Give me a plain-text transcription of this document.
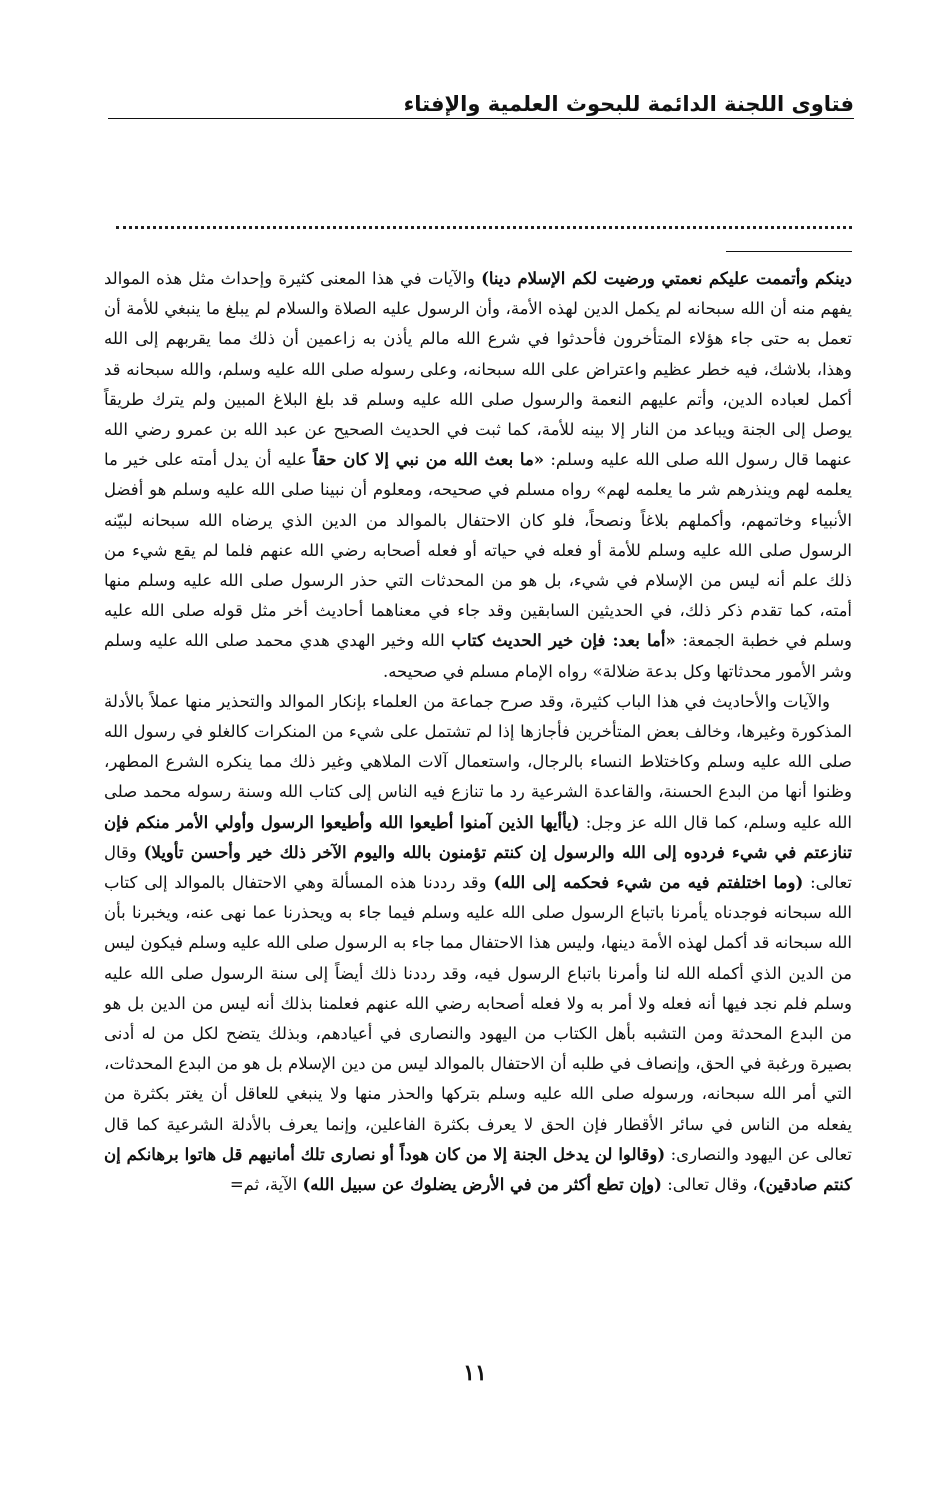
فتاوى اللجنة الدائمة للبحوث العلمية والإفتاء

دينكم وأتممت عليكم نعمتي ورضيت لكم الإسلام دينا) والآيات في هذا المعنى كثيرة وإحداث مثل هذه الموالد يفهم منه أن الله سبحانه لم يكمل الدين لهذه الأمة، وأن الرسول عليه الصلاة والسلام لم يبلغ ما ينبغي للأمة أن تعمل به حتى جاء هؤلاء المتأخرون فأحدثوا في شرع الله مالم يأذن به زاعمين أن ذلك مما يقربهم إلى الله وهذا، بلاشك، فيه خطر عظيم واعتراض على الله سبحانه، وعلى رسوله صلى الله عليه وسلم، والله سبحانه قد أكمل لعباده الدين، وأتم عليهم النعمة والرسول صلى الله عليه وسلم قد بلغ البلاغ المبين ولم يترك طريقاً يوصل إلى الجنة ويباعد من النار إلا بينه للأمة، كما ثبت في الحديث الصحيح عن عبد الله بن عمرو رضي الله عنهما قال رسول الله صلى الله عليه وسلم: «ما بعث الله من نبي إلا كان حقاً عليه أن يدل أمته على خير ما يعلمه لهم وينذرهم شر ما يعلمه لهم» رواه مسلم في صحيحه، ومعلوم أن نبينا صلى الله عليه وسلم هو أفضل الأنبياء وخاتمهم، وأكملهم بلاغاً ونصحاً، فلو كان الاحتفال بالموالد من الدين الذي يرضاه الله سبحانه لبيّنه الرسول صلى الله عليه وسلم للأمة أو فعله في حياته أو فعله أصحابه رضي الله عنهم فلما لم يقع شيء من ذلك علم أنه ليس من الإسلام في شيء، بل هو من المحدثات التي حذر الرسول صلى الله عليه وسلم منها أمته، كما تقدم ذكر ذلك، في الحديثين السابقين وقد جاء في معناهما أحاديث أخر مثل قوله صلى الله عليه وسلم في خطبة الجمعة: «أما بعد: فإن خير الحديث كتاب الله وخير الهدي هدي محمد صلى الله عليه وسلم وشر الأمور محدثاتها وكل بدعة ضلالة» رواه الإمام مسلم في صحيحه.

والآيات والأحاديث في هذا الباب كثيرة، وقد صرح جماعة من العلماء بإنكار الموالد والتحذير منها عملاً بالأدلة المذكورة وغيرها، وخالف بعض المتأخرين فأجازها إذا لم تشتمل على شيء من المنكرات كالغلو في رسول الله صلى الله عليه وسلم وكاختلاط النساء بالرجال، واستعمال آلات الملاهي وغير ذلك مما ينكره الشرع المطهر، وظنوا أنها من البدع الحسنة، والقاعدة الشرعية رد ما تنازع فيه الناس إلى كتاب الله وسنة رسوله محمد صلى الله عليه وسلم، كما قال الله عز وجل: (يأأيها الذين آمنوا أطيعوا الله وأطيعوا الرسول وأولي الأمر منكم فإن تنازعتم في شيء فردوه إلى الله والرسول إن كنتم تؤمنون بالله واليوم الآخر ذلك خير وأحسن تأويلا) وقال تعالى: (وما اختلفتم فيه من شيء فحكمه إلى الله) وقد رددنا هذه المسألة وهي الاحتفال بالموالد إلى كتاب الله سبحانه فوجدناه يأمرنا باتباع الرسول صلى الله عليه وسلم فيما جاء به ويحذرنا عما نهى عنه، ويخبرنا بأن الله سبحانه قد أكمل لهذه الأمة دينها، وليس هذا الاحتفال مما جاء به الرسول صلى الله عليه وسلم فيكون ليس من الدين الذي أكمله الله لنا وأمرنا باتباع الرسول فيه، وقد رددنا ذلك أيضاً إلى سنة الرسول صلى الله عليه وسلم فلم نجد فيها أنه فعله ولا أمر به ولا فعله أصحابه رضي الله عنهم فعلمنا بذلك أنه ليس من الدين بل هو من البدع المحدثة ومن التشبه بأهل الكتاب من اليهود والنصارى في أعيادهم، وبذلك يتضح لكل من له أدنى بصيرة ورغبة في الحق، وإنصاف في طلبه أن الاحتفال بالموالد ليس من دين الإسلام بل هو من البدع المحدثات، التي أمر الله سبحانه، ورسوله صلى الله عليه وسلم بتركها والحذر منها ولا ينبغي للعاقل أن يغتر بكثرة من يفعله من الناس في سائر الأقطار فإن الحق لا يعرف بكثرة الفاعلين، وإنما يعرف بالأدلة الشرعية كما قال تعالى عن اليهود والنصارى: (وقالوا لن يدخل الجنة إلا من كان هوداً أو نصارى تلك أمانيهم قل هاتوا برهانكم إن كنتم صادقين)، وقال تعالى: (وإن تطع أكثر من في الأرض يضلوك عن سبيل الله) الآية، ثم=

١١
